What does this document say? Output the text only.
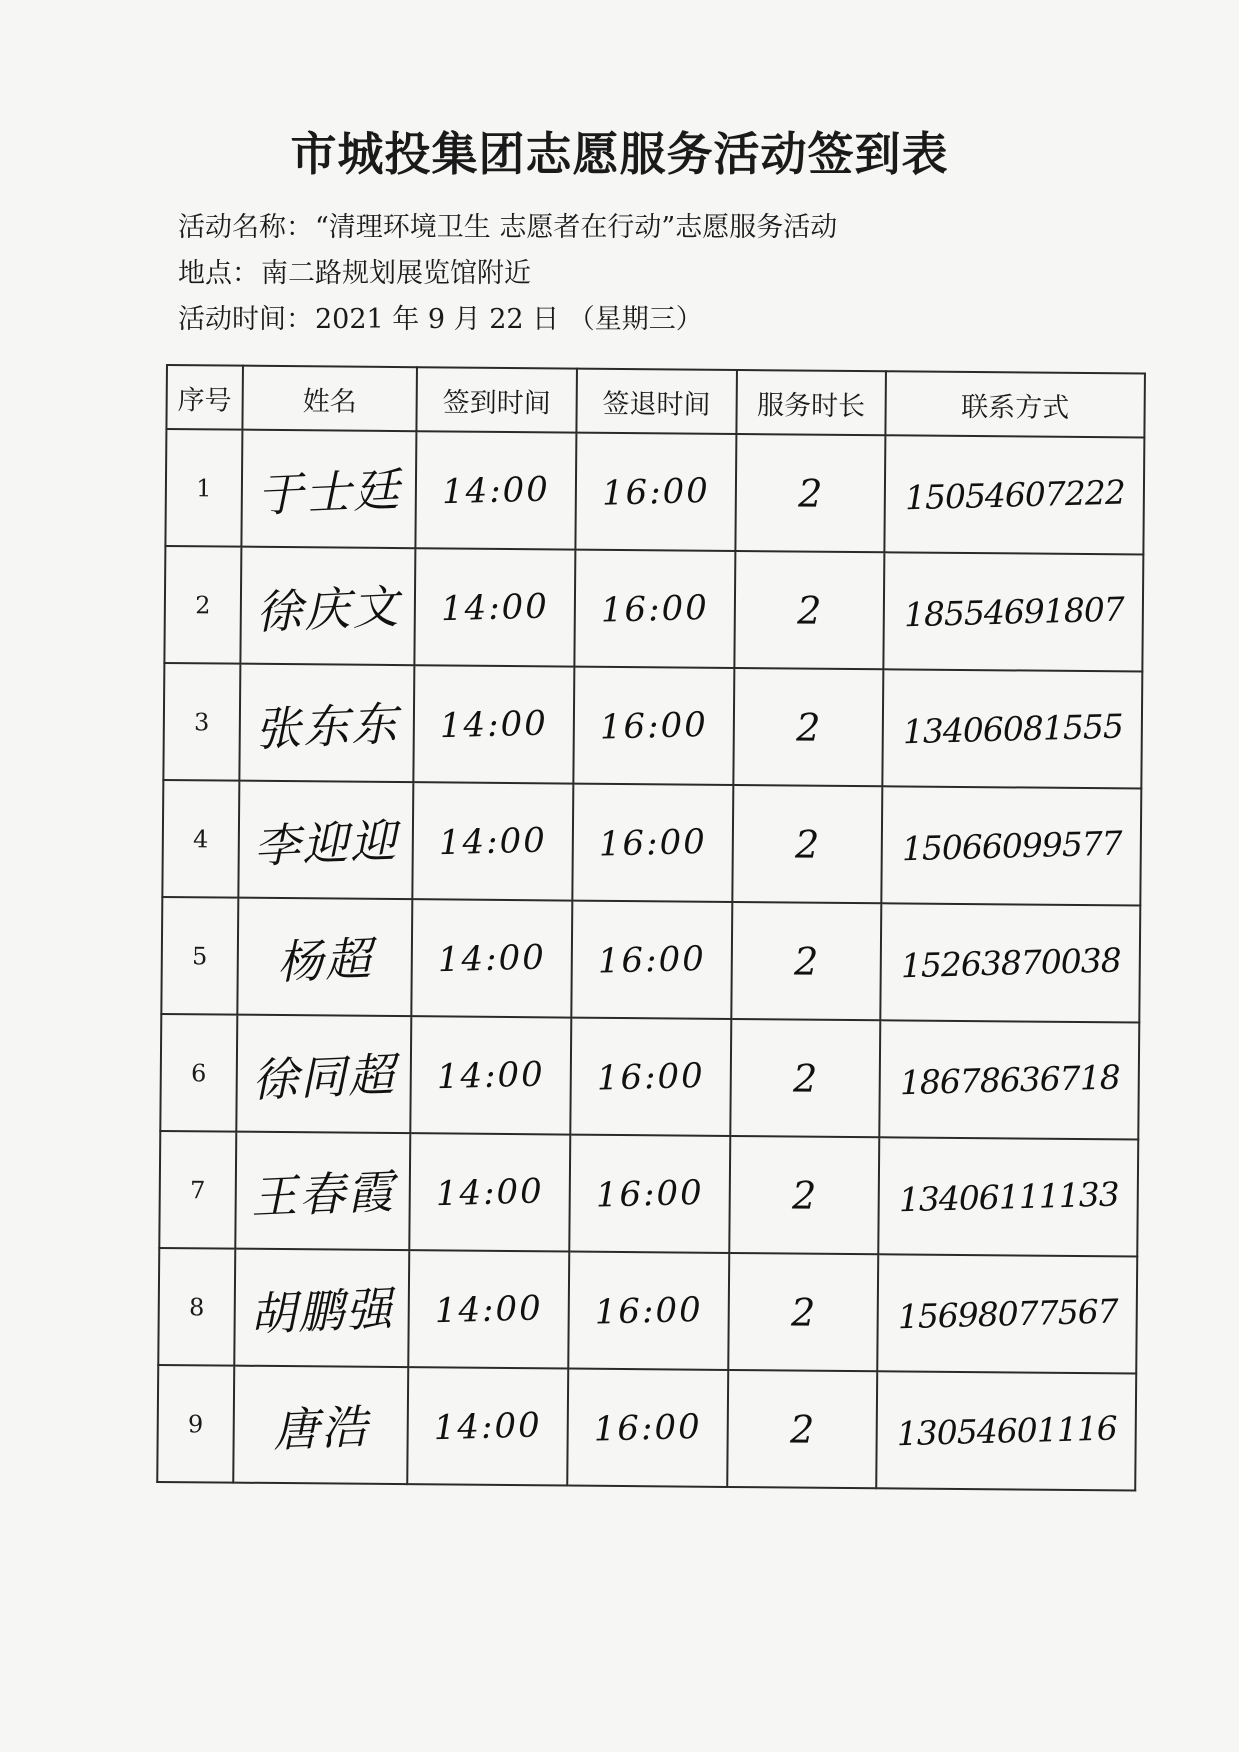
市城投集团志愿服务活动签到表
活动名称：“清理环境卫生 志愿者在行动”志愿服务活动
地点：南二路规划展览馆附近
活动时间：2021 年 9 月 22 日 （星期三）
序号	姓名	签到时间	签退时间	服务时长	联系方式
1	于士廷	14:00	16:00	2	15054607222
2	徐庆文	14:00	16:00	2	18554691807
3	张东东	14:00	16:00	2	13406081555
4	李迎迎	14:00	16:00	2	15066099577
5	杨超	14:00	16:00	2	15263870038
6	徐同超	14:00	16:00	2	18678636718
7	王春霞	14:00	16:00	2	13406111133
8	胡鹏强	14:00	16:00	2	15698077567
9	唐浩	14:00	16:00	2	13054601116
